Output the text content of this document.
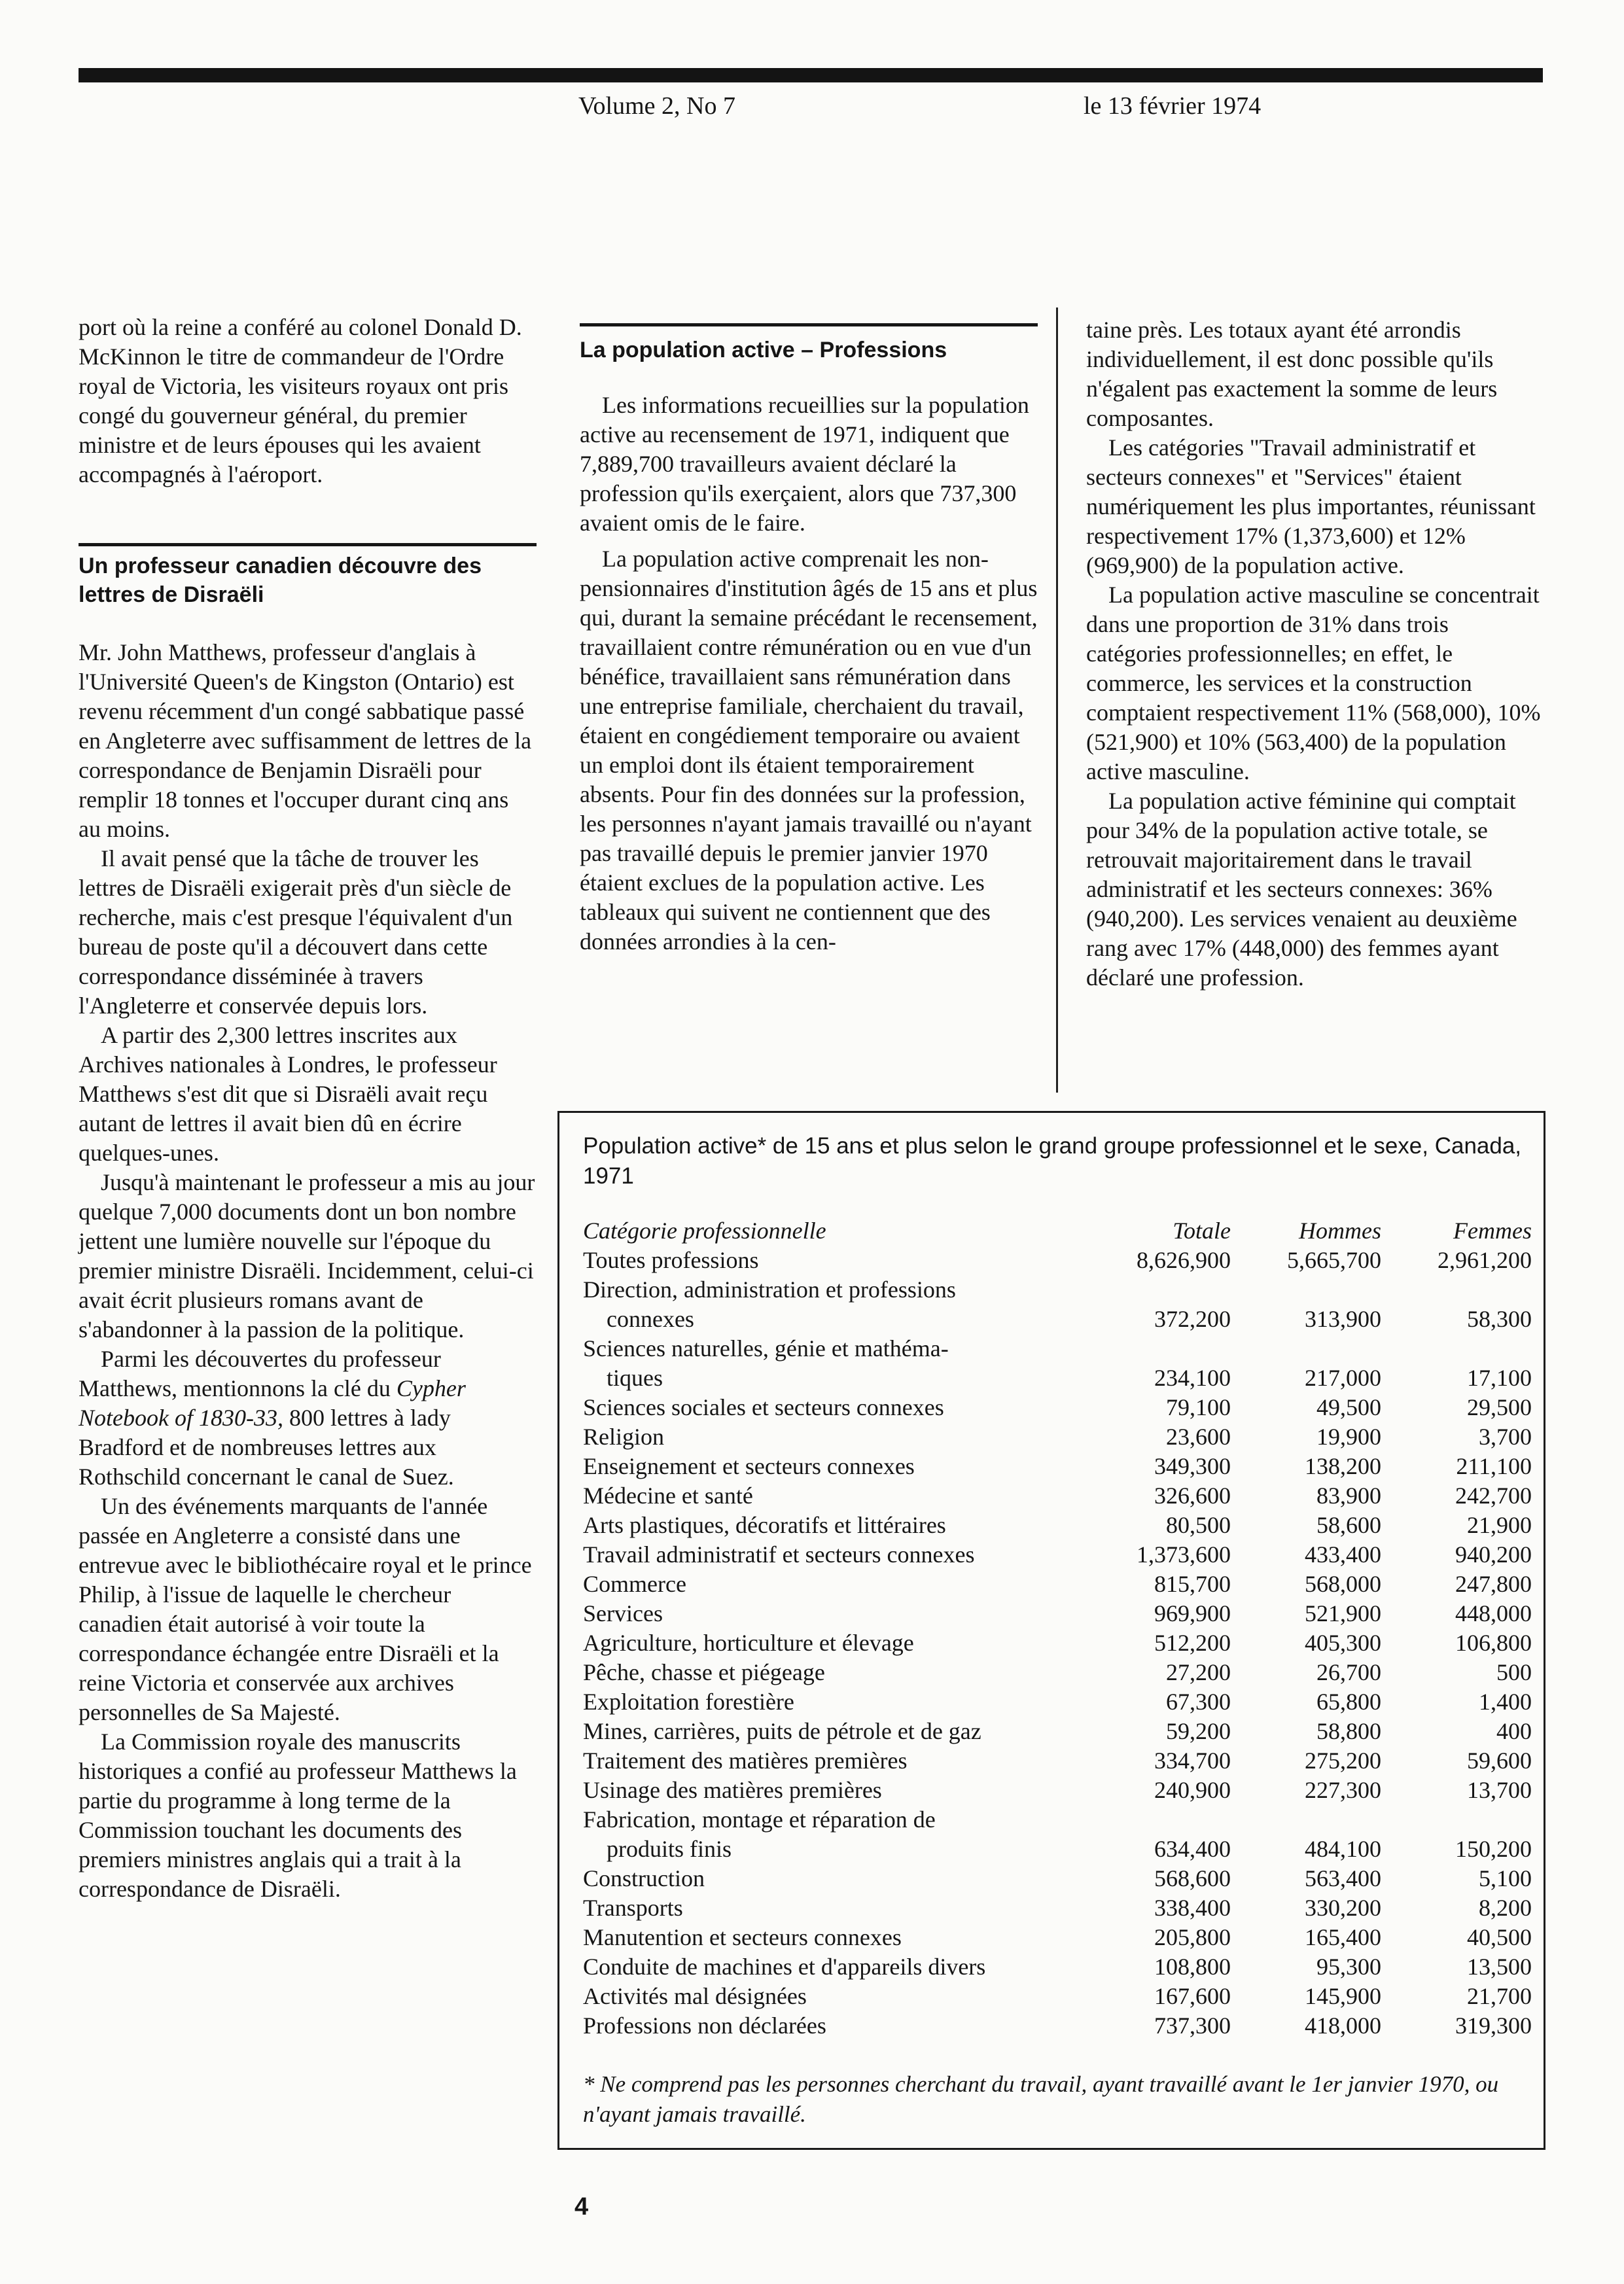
Volume 2, No 7	le 13 février 1974

port où la reine a conféré au colonel Donald D. McKinnon le titre de commandeur de l'Ordre royal de Victoria, les visiteurs royaux ont pris congé du gouverneur général, du premier ministre et de leurs épouses qui les avaient accompagnés à l'aéroport.

Un professeur canadien découvre des lettres de Disraëli

Mr. John Matthews, professeur d'anglais à l'Université Queen's de Kingston (Ontario) est revenu récemment d'un congé sabbatique passé en Angleterre avec suffisamment de lettres de la correspondance de Benjamin Disraëli pour remplir 18 tonnes et l'occuper durant cinq ans au moins.

Il avait pensé que la tâche de trouver les lettres de Disraëli exigerait près d'un siècle de recherche, mais c'est presque l'équivalent d'un bureau de poste qu'il a découvert dans cette correspondance disséminée à travers l'Angleterre et conservée depuis lors.

A partir des 2,300 lettres inscrites aux Archives nationales à Londres, le professeur Matthews s'est dit que si Disraëli avait reçu autant de lettres il avait bien dû en écrire quelques-unes.

Jusqu'à maintenant le professeur a mis au jour quelque 7,000 documents dont un bon nombre jettent une lumière nouvelle sur l'époque du premier ministre Disraëli. Incidemment, celui-ci avait écrit plusieurs romans avant de s'abandonner à la passion de la politique.

Parmi les découvertes du professeur Matthews, mentionnons la clé du Cypher Notebook of 1830-33, 800 lettres à lady Bradford et de nombreuses lettres aux Rothschild concernant le canal de Suez.

Un des événements marquants de l'année passée en Angleterre a consisté dans une entrevue avec le bibliothécaire royal et le prince Philip, à l'issue de laquelle le chercheur canadien était autorisé à voir toute la correspondance échangée entre Disraëli et la reine Victoria et conservée aux archives personnelles de Sa Majesté.

La Commission royale des manuscrits historiques a confié au professeur Matthews la partie du programme à long terme de la Commission touchant les documents des premiers ministres anglais qui a trait à la correspondance de Disraëli.

La population active – Professions

Les informations recueillies sur la population active au recensement de 1971, indiquent que 7,889,700 travailleurs avaient déclaré la profession qu'ils exerçaient, alors que 737,300 avaient omis de le faire.

La population active comprenait les non-pensionnaires d'institution âgés de 15 ans et plus qui, durant la semaine précédant le recensement, travaillaient contre rémunération ou en vue d'un bénéfice, travaillaient sans rémunération dans une entreprise familiale, cherchaient du travail, étaient en congédiement temporaire ou avaient un emploi dont ils étaient temporairement absents. Pour fin des données sur la profession, les personnes n'ayant jamais travaillé ou n'ayant pas travaillé depuis le premier janvier 1970 étaient exclues de la population active. Les tableaux qui suivent ne contiennent que des données arrondies à la cen-

taine près. Les totaux ayant été arrondis individuellement, il est donc possible qu'ils n'égalent pas exactement la somme de leurs composantes.

Les catégories "Travail administratif et secteurs connexes" et "Services" étaient numériquement les plus importantes, réunissant respectivement 17% (1,373,600) et 12% (969,900) de la population active.

La population active masculine se concentrait dans une proportion de 31% dans trois catégories professionnelles; en effet, le commerce, les services et la construction comptaient respectivement 11% (568,000), 10% (521,900) et 10% (563,400) de la population active masculine.

La population active féminine qui comptait pour 34% de la population active totale, se retrouvait majoritairement dans le travail administratif et les secteurs connexes: 36% (940,200). Les services venaient au deuxième rang avec 17% (448,000) des femmes ayant déclaré une profession.

Population active* de 15 ans et plus selon le grand groupe professionnel et le sexe, Canada, 1971
Catégorie professionnelle	Totale	Hommes	Femmes
Toutes professions	8,626,900	5,665,700	2,961,200
Direction, administration et professions
connexes	372,200	313,900	58,300
Sciences naturelles, génie et mathéma-
tiques	234,100	217,000	17,100
Sciences sociales et secteurs connexes	79,100	49,500	29,500
Religion	23,600	19,900	3,700
Enseignement et secteurs connexes	349,300	138,200	211,100
Médecine et santé	326,600	83,900	242,700
Arts plastiques, décoratifs et littéraires	80,500	58,600	21,900
Travail administratif et secteurs connexes	1,373,600	433,400	940,200
Commerce	815,700	568,000	247,800
Services	969,900	521,900	448,000
Agriculture, horticulture et élevage	512,200	405,300	106,800
Pêche, chasse et piégeage	27,200	26,700	500
Exploitation forestière	67,300	65,800	1,400
Mines, carrières, puits de pétrole et de gaz	59,200	58,800	400
Traitement des matières premières	334,700	275,200	59,600
Usinage des matières premières	240,900	227,300	13,700
Fabrication, montage et réparation de
produits finis	634,400	484,100	150,200
Construction	568,600	563,400	5,100
Transports	338,400	330,200	8,200
Manutention et secteurs connexes	205,800	165,400	40,500
Conduite de machines et d'appareils divers	108,800	95,300	13,500
Activités mal désignées	167,600	145,900	21,700
Professions non déclarées	737,300	418,000	319,300
* Ne comprend pas les personnes cherchant du travail, ayant travaillé avant le 1er janvier 1970, ou n'ayant jamais travaillé.
4
